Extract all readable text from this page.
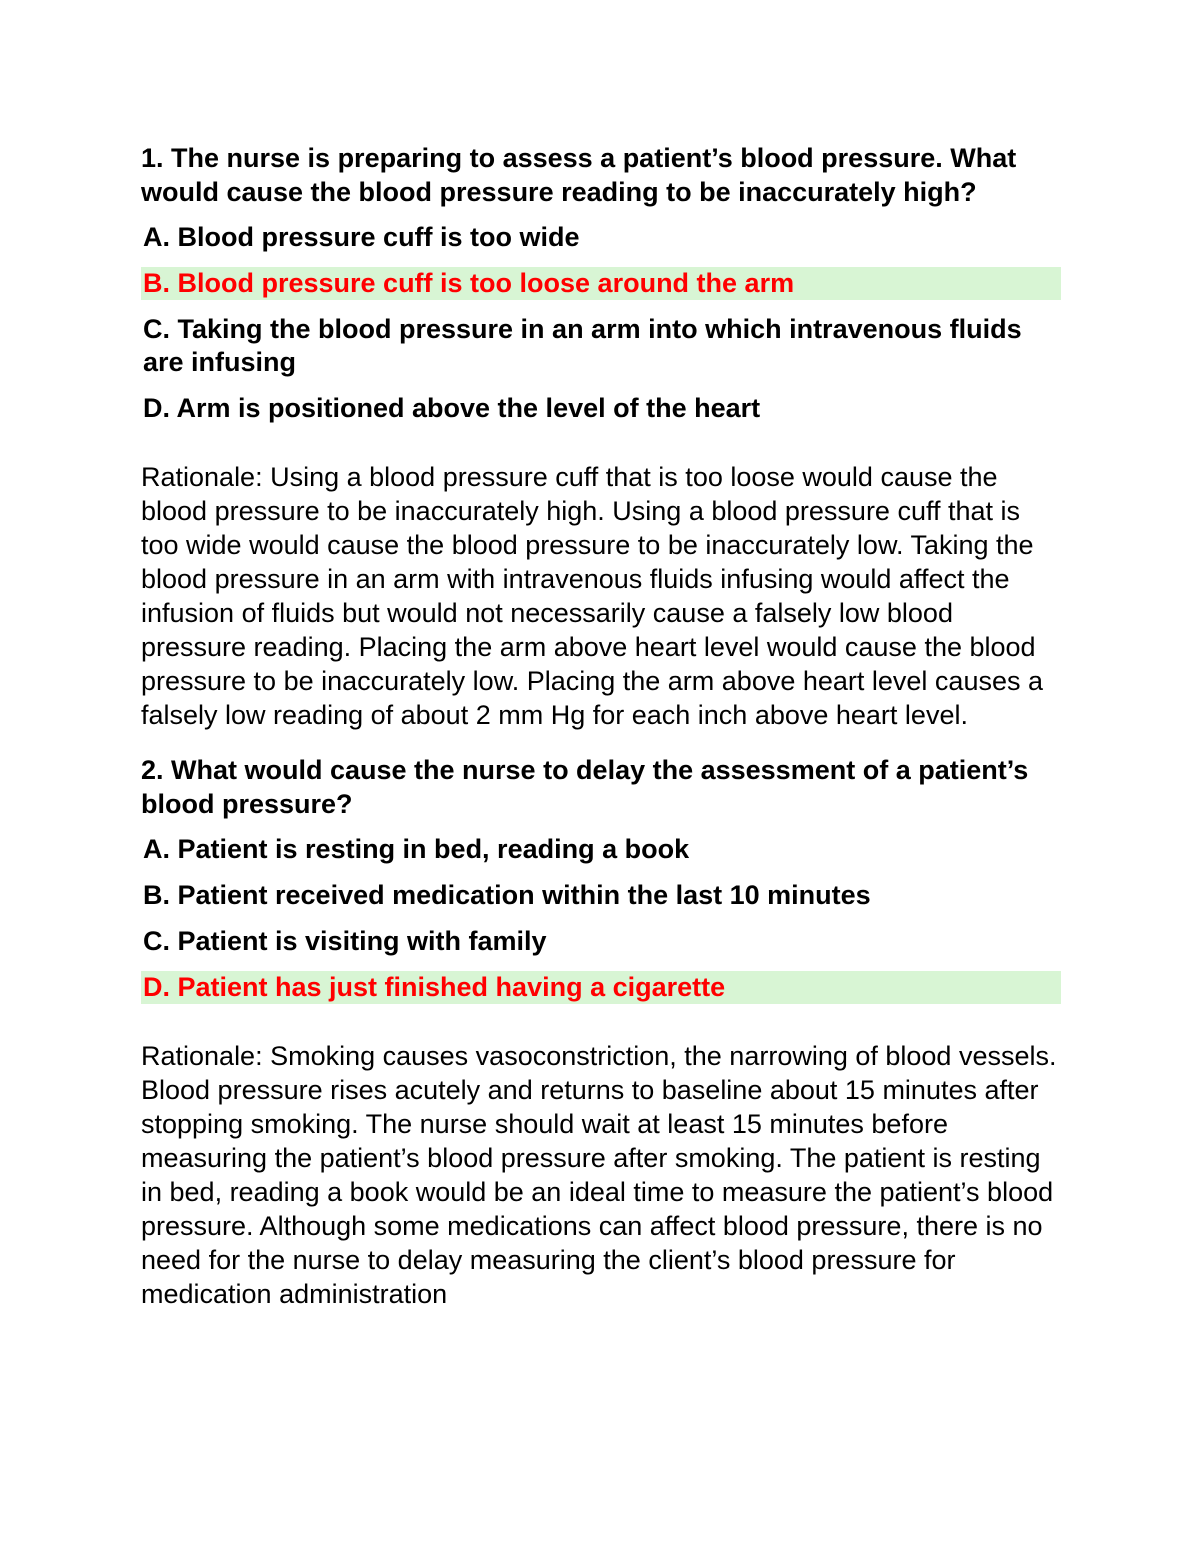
1. The nurse is preparing to assess a patient’s blood pressure. What would cause the blood pressure reading to be inaccurately high?
A. Blood pressure cuff is too wide
B. Blood pressure cuff is too loose around the arm
C. Taking the blood pressure in an arm into which intravenous fluids are infusing
D. Arm is positioned above the level of the heart
Rationale: Using a blood pressure cuff that is too loose would cause the blood pressure to be inaccurately high. Using a blood pressure cuff that is too wide would cause the blood pressure to be inaccurately low. Taking the blood pressure in an arm with intravenous fluids infusing would affect the infusion of fluids but would not necessarily cause a falsely low blood pressure reading. Placing the arm above heart level would cause the blood pressure to be inaccurately low. Placing the arm above heart level causes a falsely low reading of about 2 mm Hg for each inch above heart level.
2. What would cause the nurse to delay the assessment of a patient’s blood pressure?
A. Patient is resting in bed, reading a book
B. Patient received medication within the last 10 minutes
C. Patient is visiting with family
D. Patient has just finished having a cigarette
Rationale: Smoking causes vasoconstriction, the narrowing of blood vessels. Blood pressure rises acutely and returns to baseline about 15 minutes after stopping smoking. The nurse should wait at least 15 minutes before measuring the patient’s blood pressure after smoking. The patient is resting in bed, reading a book would be an ideal time to measure the patient’s blood pressure. Although some medications can affect blood pressure, there is no need for the nurse to delay measuring the client’s blood pressure for medication administration
